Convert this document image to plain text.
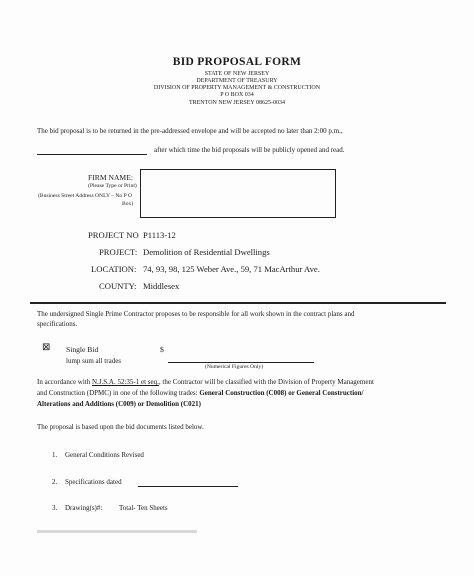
BID PROPOSAL FORM
STATE OF NEW JERSEY
DEPARTMENT OF TREASURY
DIVISION OF PROPERTY MANAGEMENT & CONSTRUCTION
P O BOX 034
TRENTON NEW JERSEY 08625-0034
The bid proposal is to be returned in the pre-addressed envelope and will be accepted no later than 2:00 p.m.,
after which time the bid proposals will be publicly opened and read.
FIRM NAME:
(Please Type or Print)
(Business Street Address ONLY – No P O
Box)
PROJECT NO P1113-12
PROJECT: Demolition of Residential Dwellings
LOCATION: 74, 93, 98, 125 Weber Ave., 59, 71 MacArthur Ave.
COUNTY: Middlesex
The undersigned Single Prime Contractor proposes to be responsible for all work shown in the contract plans and
specifications.
⊠ Single Bid	$
lump sum all trades
(Numerical Figures Only)
In accordance with N.J.S.A. 52:35-1 et seq., the Contractor will be classified with the Division of Property Management
and Construction (DPMC) in one of the following trades: General Construction (C008) or General Construction/
Alterations and Additions (C009) or Demolition (C021)
The proposal is based upon the bid documents listed below.
1. General Conditions Revised
2. Specifications dated
3. Drawing(s)#: Total- Ten Sheets
